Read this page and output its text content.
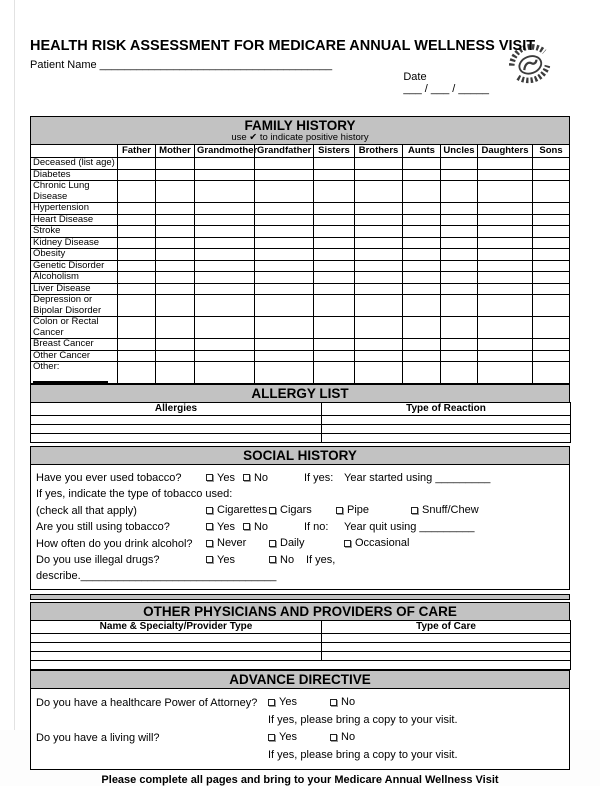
HEALTH RISK ASSESSMENT FOR MEDICARE ANNUAL WELLNESS VISIT
Patient Name ______________________________________

Date
___ / ___ / _____

FAMILY HISTORY
use ✔ to indicate positive history
	Father	Mother	Grandmother	Grandfather	Sisters	Brothers	Aunts	Uncles	Daughters	Sons
Deceased (list age)										
Diabetes										
Chronic Lung Disease										
Hypertension										
Heart Disease										
Stroke										
Kidney Disease										
Obesity										
Genetic Disorder										
Alcoholism										
Liver Disease										
Depression or Bipolar Disorder										
Colon or Rectal Cancer										
Breast Cancer										
Other Cancer										
Other:

ALLERGY LIST
Allergies	Type of Reaction

SOCIAL HISTORY
Have you ever used tobacco?	Yes No	If yes: Year started using _________
If yes, indicate the type of tobacco used:
(check all that apply)	Cigarettes Cigars	Pipe	Snuff/Chew
Are you still using tobacco?	Yes No	If no:	Year quit using _________
How often do you drink alcohol?	Never	Daily	Occasional
Do you use illegal drugs?	Yes	No If yes,
describe.________________________________
OTHER PHYSICIANS AND PROVIDERS OF CARE
Name & Specialty/Provider Type	Type of Care

ADVANCE DIRECTIVE
Do you have a healthcare Power of Attorney?	Yes	No
If yes, please bring a copy to your visit.
Do you have a living will?	Yes	No
If yes, please bring a copy to your visit.
Please complete all pages and bring to your Medicare Annual Wellness Visit
